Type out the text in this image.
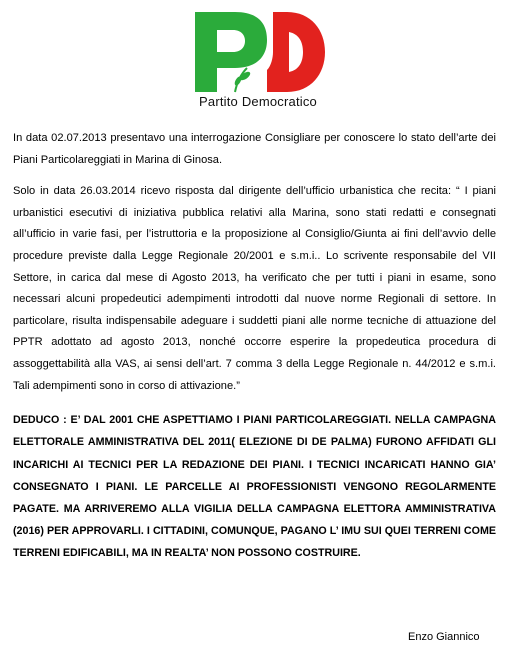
Partito Democratico

In data 02.07.2013 presentavo una interrogazione Consigliare per conoscere lo stato dell’arte dei Piani Particolareggiati in Marina di Ginosa.

Solo in data 26.03.2014 ricevo risposta dal dirigente dell’ufficio urbanistica che recita: “ I piani urbanistici esecutivi di iniziativa pubblica relativi alla Marina, sono stati redatti e consegnati all’ufficio in varie fasi, per l’istruttoria e la proposizione al Consiglio/Giunta ai fini dell’avvio delle procedure previste dalla Legge Regionale 20/2001 e s.m.i.. Lo scrivente responsabile del VII Settore, in carica dal mese di Agosto 2013, ha verificato che per tutti i piani in esame, sono necessari alcuni propedeutici adempimenti introdotti dal nuove norme Regionali di settore. In particolare, risulta indispensabile adeguare i suddetti piani alle norme tecniche di attuazione del PPTR adottato ad agosto 2013, nonché occorre esperire la propedeutica procedura di assoggettabilità alla VAS, ai sensi dell’art. 7 comma 3 della Legge Regionale n. 44/2012 e s.m.i. Tali adempimenti sono in corso di attivazione.”

DEDUCO : E’ DAL 2001 CHE ASPETTIAMO I PIANI PARTICOLAREGGIATI. NELLA CAMPAGNA ELETTORALE AMMINISTRATIVA DEL 2011( ELEZIONE DI DE PALMA) FURONO AFFIDATI GLI INCARICHI AI TECNICI PER LA REDAZIONE DEI PIANI. I TECNICI INCARICATI HANNO GIA’ CONSEGNATO I PIANI. LE PARCELLE AI PROFESSIONISTI VENGONO REGOLARMENTE PAGATE. MA ARRIVEREMO ALLA VIGILIA DELLA CAMPAGNA ELETTORA AMMINISTRATIVA (2016) PER APPROVARLI. I CITTADINI, COMUNQUE, PAGANO L’ IMU SUI QUEI TERRENI COME TERRENI EDIFICABILI, MA IN REALTA’ NON POSSONO COSTRUIRE.

Enzo Giannico
